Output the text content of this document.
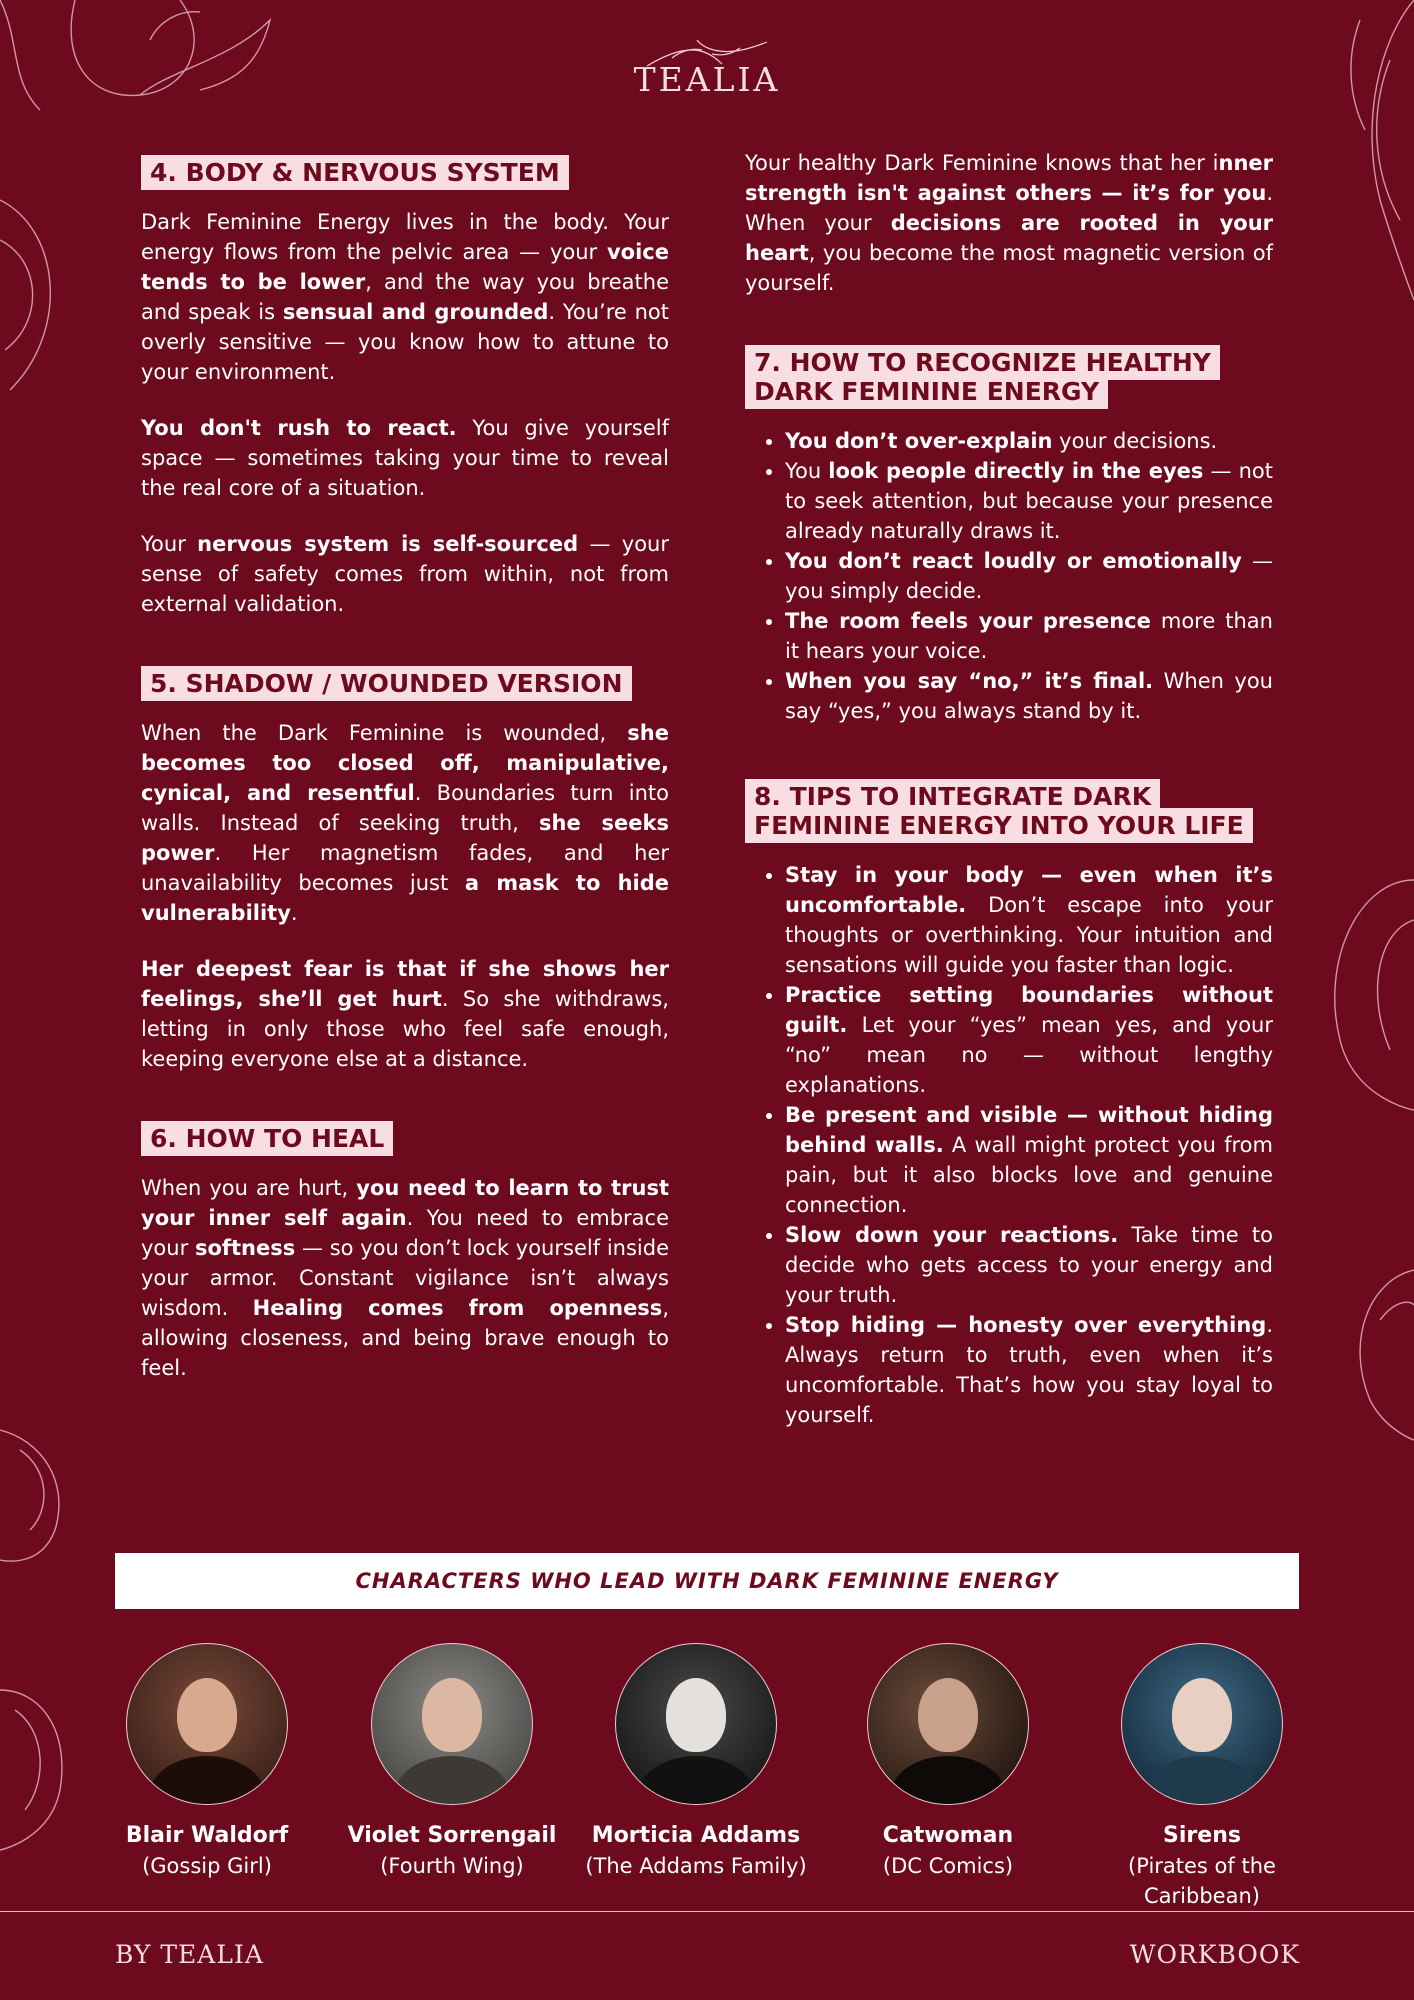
TEALIA
4. BODY & NERVOUS SYSTEM

Dark Feminine Energy lives in the body. Your energy flows from the pelvic area — your voice tends to be lower, and the way you breathe and speak is sensual and grounded. You’re not overly sensitive — you know how to attune to your environment.

You don't rush to react. You give yourself space — sometimes taking your time to reveal the real core of a situation.

Your nervous system is self-sourced — your sense of safety comes from within, not from external validation.

5. SHADOW / WOUNDED VERSION

When the Dark Feminine is wounded, she becomes too closed off, manipulative, cynical, and resentful. Boundaries turn into walls. Instead of seeking truth, she seeks power. Her magnetism fades, and her unavailability becomes just a mask to hide vulnerability.

Her deepest fear is that if she shows her feelings, she’ll get hurt. So she withdraws, letting in only those who feel safe enough, keeping everyone else at a distance.

6. HOW TO HEAL

When you are hurt, you need to learn to trust your inner self again. You need to embrace your softness — so you don’t lock yourself inside your armor. Constant vigilance isn’t always wisdom. Healing comes from openness, allowing closeness, and being brave enough to feel.

Your healthy Dark Feminine knows that her inner strength isn't against others — it’s for you. When your decisions are rooted in your heart, you become the most magnetic version of yourself.

7. HOW TO RECOGNIZE HEALTHY DARK FEMININE ENERGY
• You don’t over-explain your decisions.
• You look people directly in the eyes — not to seek attention, but because your presence already naturally draws it.
• You don’t react loudly or emotionally — you simply decide.
• The room feels your presence more than it hears your voice.
• When you say “no,” it’s final. When you say “yes,” you always stand by it.
8. TIPS TO INTEGRATE DARK FEMININE ENERGY INTO YOUR LIFE
• Stay in your body — even when it’s uncomfortable. Don’t escape into your thoughts or overthinking. Your intuition and sensations will guide you faster than logic.
• Practice setting boundaries without guilt. Let your “yes” mean yes, and your “no” mean no — without lengthy explanations.
• Be present and visible — without hiding behind walls. A wall might protect you from pain, but it also blocks love and genuine connection.
• Slow down your reactions. Take time to decide who gets access to your energy and your truth.
• Stop hiding — honesty over everything. Always return to truth, even when it’s uncomfortable. That’s how you stay loyal to yourself.
CHARACTERS WHO LEAD WITH DARK FEMININE ENERGY
Blair Waldorf
(Gossip Girl)
Violet Sorrengail
(Fourth Wing)
Morticia Addams
(The Addams Family)
Catwoman
(DC Comics)
Sirens
(Pirates of the Caribbean)
BY TEALIA	WORKBOOK
